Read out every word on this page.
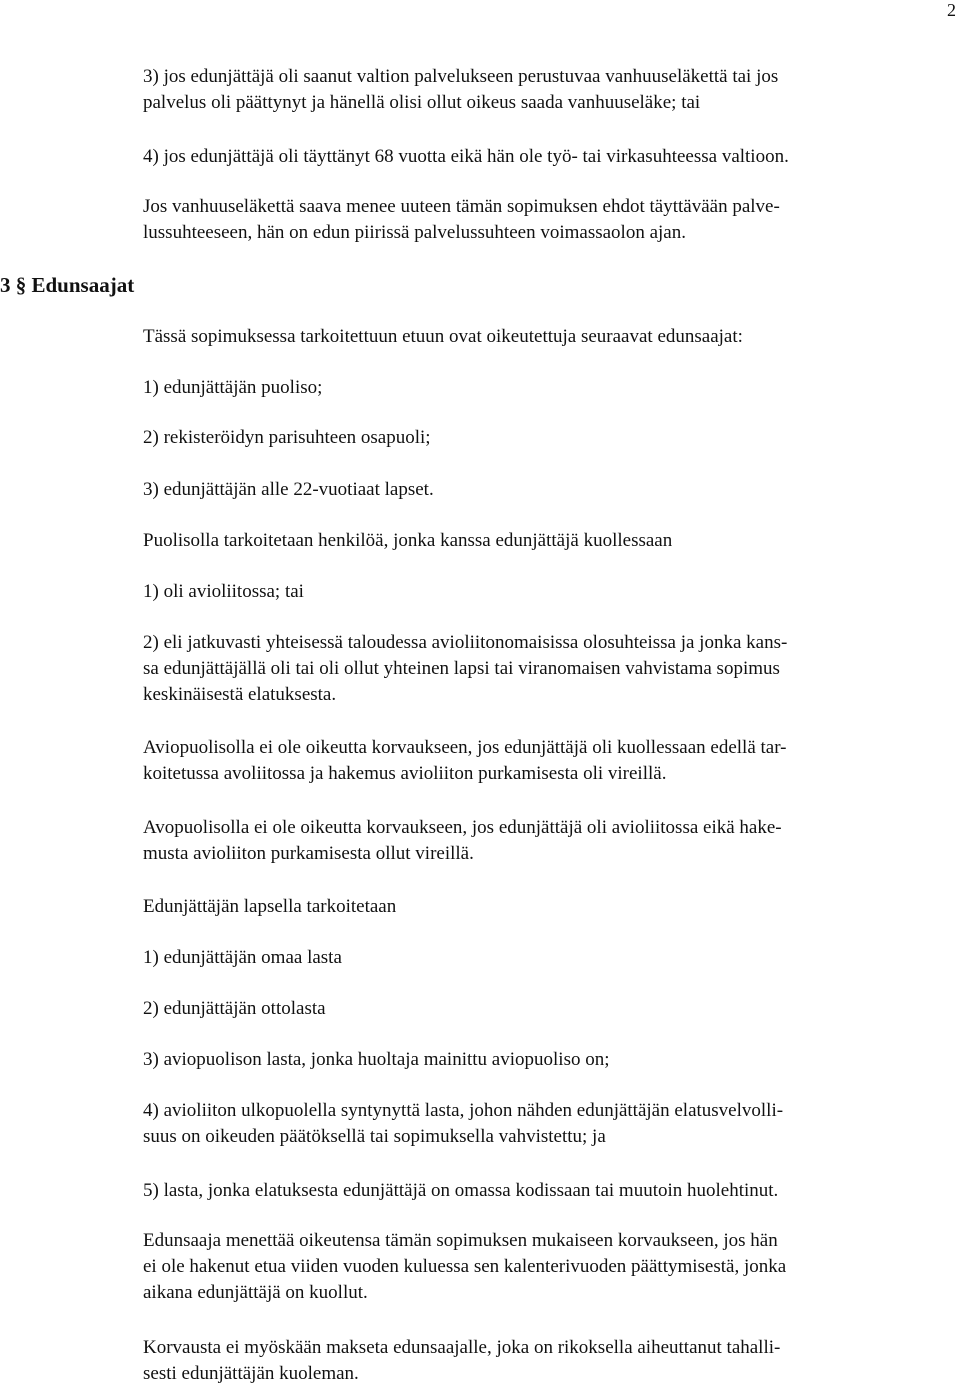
2
3 § Edunsaajat
3) jos edunjättäjä oli saanut valtion palvelukseen perustuvaa vanhuuseläkettä tai jos
palvelus oli päättynyt ja hänellä olisi ollut oikeus saada vanhuuseläke; tai
4) jos edunjättäjä oli täyttänyt 68 vuotta eikä hän ole työ- tai virkasuhteessa valtioon.
Jos vanhuuseläkettä saava menee uuteen tämän sopimuksen ehdot täyttävään palve-
lussuhteeseen, hän on edun piirissä palvelussuhteen voimassaolon ajan.
Tässä sopimuksessa tarkoitettuun etuun ovat oikeutettuja seuraavat edunsaajat:
1) edunjättäjän puoliso;
2) rekisteröidyn parisuhteen osapuoli;
3) edunjättäjän alle 22-vuotiaat lapset.
Puolisolla tarkoitetaan henkilöä, jonka kanssa edunjättäjä kuollessaan
1) oli avioliitossa; tai
2) eli jatkuvasti yhteisessä taloudessa avioliitonomaisissa olosuhteissa ja jonka kans-
sa edunjättäjällä oli tai oli ollut yhteinen lapsi tai viranomaisen vahvistama sopimus
keskinäisestä elatuksesta.
Aviopuolisolla ei ole oikeutta korvaukseen, jos edunjättäjä oli kuollessaan edellä tar-
koitetussa avoliitossa ja hakemus avioliiton purkamisesta oli vireillä.
Avopuolisolla ei ole oikeutta korvaukseen, jos edunjättäjä oli avioliitossa eikä hake-
musta avioliiton purkamisesta ollut vireillä.
Edunjättäjän lapsella tarkoitetaan
1) edunjättäjän omaa lasta
2) edunjättäjän ottolasta
3) aviopuolison lasta, jonka huoltaja mainittu aviopuoliso on;
4) avioliiton ulkopuolella syntynyttä lasta, johon nähden edunjättäjän elatusvelvolli-
suus on oikeuden päätöksellä tai sopimuksella vahvistettu; ja
5) lasta, jonka elatuksesta edunjättäjä on omassa kodissaan tai muutoin huolehtinut.
Edunsaaja menettää oikeutensa tämän sopimuksen mukaiseen korvaukseen, jos hän
ei ole hakenut etua viiden vuoden kuluessa sen kalenterivuoden päättymisestä, jonka
aikana edunjättäjä on kuollut.
Korvausta ei myöskään makseta edunsaajalle, joka on rikoksella aiheuttanut tahalli-
sesti edunjättäjän kuoleman.
